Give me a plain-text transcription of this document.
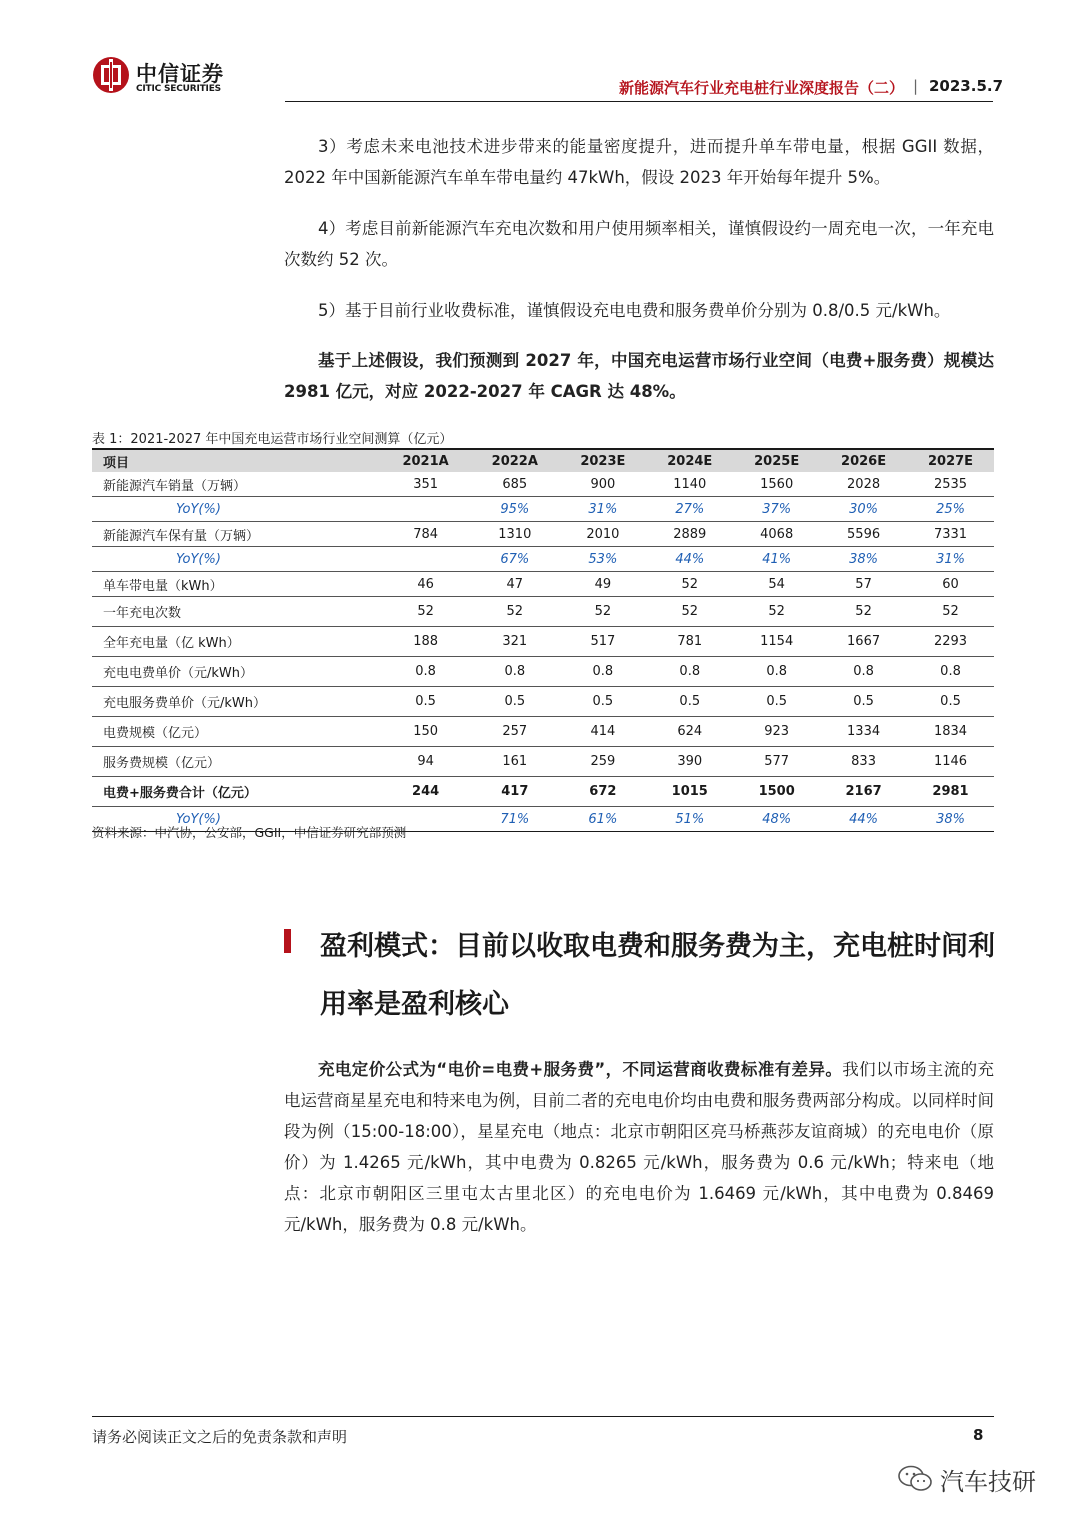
中信证券
CITIC SECURITIES	新能源汽车行业充电桩行业深度报告（二） | 2023.5.7
3）考虑未来电池技术进步带来的能量密度提升，进而提升单车带电量，根据 GGII 数据，2022 年中国新能源汽车单车带电量约 47kWh，假设 2023 年开始每年提升 5%。
4）考虑目前新能源汽车充电次数和用户使用频率相关，谨慎假设约一周充电一次，一年充电次数约 52 次。
5）基于目前行业收费标准，谨慎假设充电电费和服务费单价分别为 0.8/0.5 元/kWh。
基于上述假设，我们预测到 2027 年，中国充电运营市场行业空间（电费+服务费）规模达 2981 亿元，对应 2022-2027 年 CAGR 达 48%。
表 1：2021-2027 年中国充电运营市场行业空间测算（亿元）
项目	2021A	2022A	2023E	2024E	2025E	2026E	2027E
新能源汽车销量（万辆）	351	685	900	1140	1560	2028	2535
YoY(%)		95%	31%	27%	37%	30%	25%
新能源汽车保有量（万辆）	784	1310	2010	2889	4068	5596	7331
YoY(%)		67%	53%	44%	41%	38%	31%
单车带电量（kWh）	46	47	49	52	54	57	60
一年充电次数	52	52	52	52	52	52	52
全年充电量（亿 kWh）	188	321	517	781	1154	1667	2293
充电电费单价（元/kWh）	0.8	0.8	0.8	0.8	0.8	0.8	0.8
充电服务费单价（元/kWh）	0.5	0.5	0.5	0.5	0.5	0.5	0.5
电费规模（亿元）	150	257	414	624	923	1334	1834
服务费规模（亿元）	94	161	259	390	577	833	1146
电费+服务费合计（亿元）	244	417	672	1015	1500	2167	2981
YoY(%)		71%	61%	51%	48%	44%	38%
资料来源：中汽协，公安部，GGII，中信证券研究部预测
盈利模式：目前以收取电费和服务费为主，充电桩时间利用率是盈利核心
充电定价公式为“电价=电费+服务费”，不同运营商收费标准有差异。我们以市场主流的充电运营商星星充电和特来电为例，目前二者的充电电价均由电费和服务费两部分构成。以同样时间段为例（15:00-18:00），星星充电（地点：北京市朝阳区亮马桥燕莎友谊商城）的充电电价（原价）为 1.4265 元/kWh，其中电费为 0.8265 元/kWh，服务费为 0.6 元/kWh；特来电（地点：北京市朝阳区三里屯太古里北区）的充电电价为 1.6469 元/kWh，其中电费为 0.8469 元/kWh，服务费为 0.8 元/kWh。
请务必阅读正文之后的免责条款和声明	8
汽车技研
